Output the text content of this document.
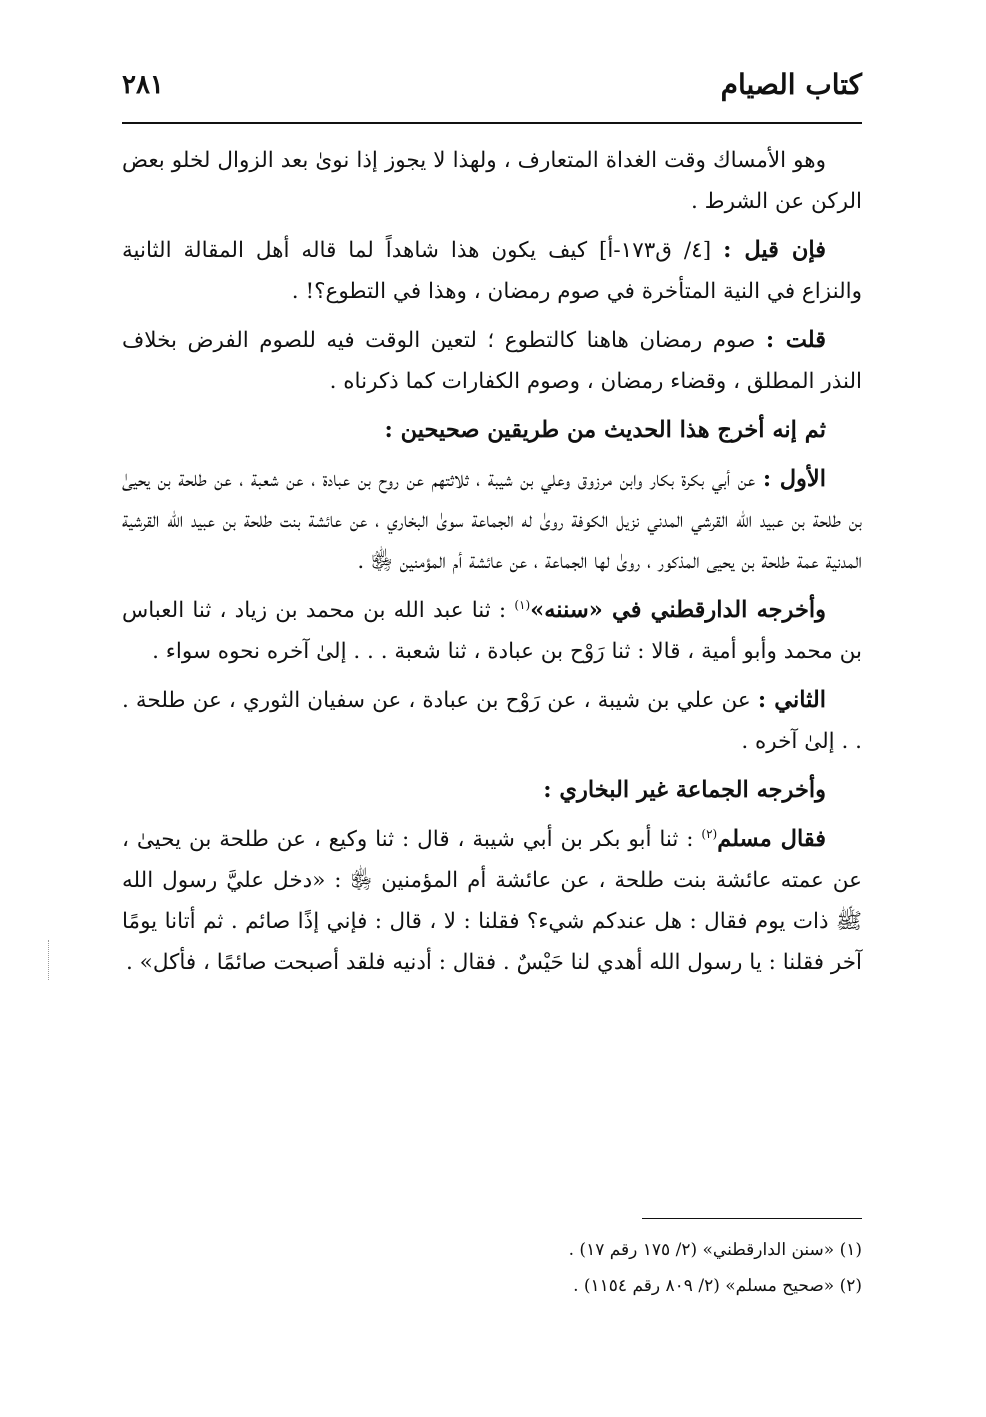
كتاب الصيام
٢٨١

وهو الأمساك وقت الغداة المتعارف ، ولهذا لا يجوز إذا نوىٰ بعد الزوال لخلو بعض الركن عن الشرط .

فإن قيل : [٤/ ق١٧٣-أ] كيف يكون هذا شاهداً لما قاله أهل المقالة الثانية والنزاع في النية المتأخرة في صوم رمضان ، وهذا في التطوع؟! .

قلت : صوم رمضان هاهنا كالتطوع ؛ لتعين الوقت فيه للصوم الفرض بخلاف النذر المطلق ، وقضاء رمضان ، وصوم الكفارات كما ذكرناه .

ثم إنه أخرج هذا الحديث من طريقين صحيحين :

الأول : عن أبي بكرة بكار وابن مرزوق وعلي بن شيبة ، ثلاثتهم عن روح بن عبادة ، عن شعبة ، عن طلحة بن يحيىٰ بن طلحة بن عبيد الله القرشي المدني نزيل الكوفة روىٰ له الجماعة سوىٰ البخاري ، عن عائشة بنت طلحة بن عبيد الله القرشية المدنية عمة طلحة بن يحيى المذكور ، روىٰ لها الجماعة ، عن عائشة أم المؤمنين ﵂ .

وأخرجه الدارقطني في «سننه»$^{(١)}$ : ثنا عبد الله بن محمد بن زياد ، ثنا العباس بن محمد وأبو أمية ، قالا : ثنا رَوْح بن عبادة ، ثنا شعبة . . . إلىٰ آخره نحوه سواء .

الثاني : عن علي بن شيبة ، عن رَوْح بن عبادة ، عن سفيان الثوري ، عن طلحة . . . إلىٰ آخره .

وأخرجه الجماعة غير البخاري :

فقال مسلم$^{(٢)}$ : ثنا أبو بكر بن أبي شيبة ، قال : ثنا وكيع ، عن طلحة بن يحيىٰ ، عن عمته عائشة بنت طلحة ، عن عائشة أم المؤمنين ﵂ : «دخل عليَّ رسول الله ﷺ ذات يوم فقال : هل عندكم شيء؟ فقلنا : لا ، قال : فإني إذًا صائم . ثم أتانا يومًا آخر فقلنا : يا رسول الله أهدي لنا حَيْسٌ . فقال : أدنيه فلقد أصبحت صائمًا ، فأكل» .

(١) «سنن الدارقطني» (٢/ ١٧٥ رقم ١٧) .

(٢) «صحيح مسلم» (٢/ ٨٠٩ رقم ١١٥٤) .
